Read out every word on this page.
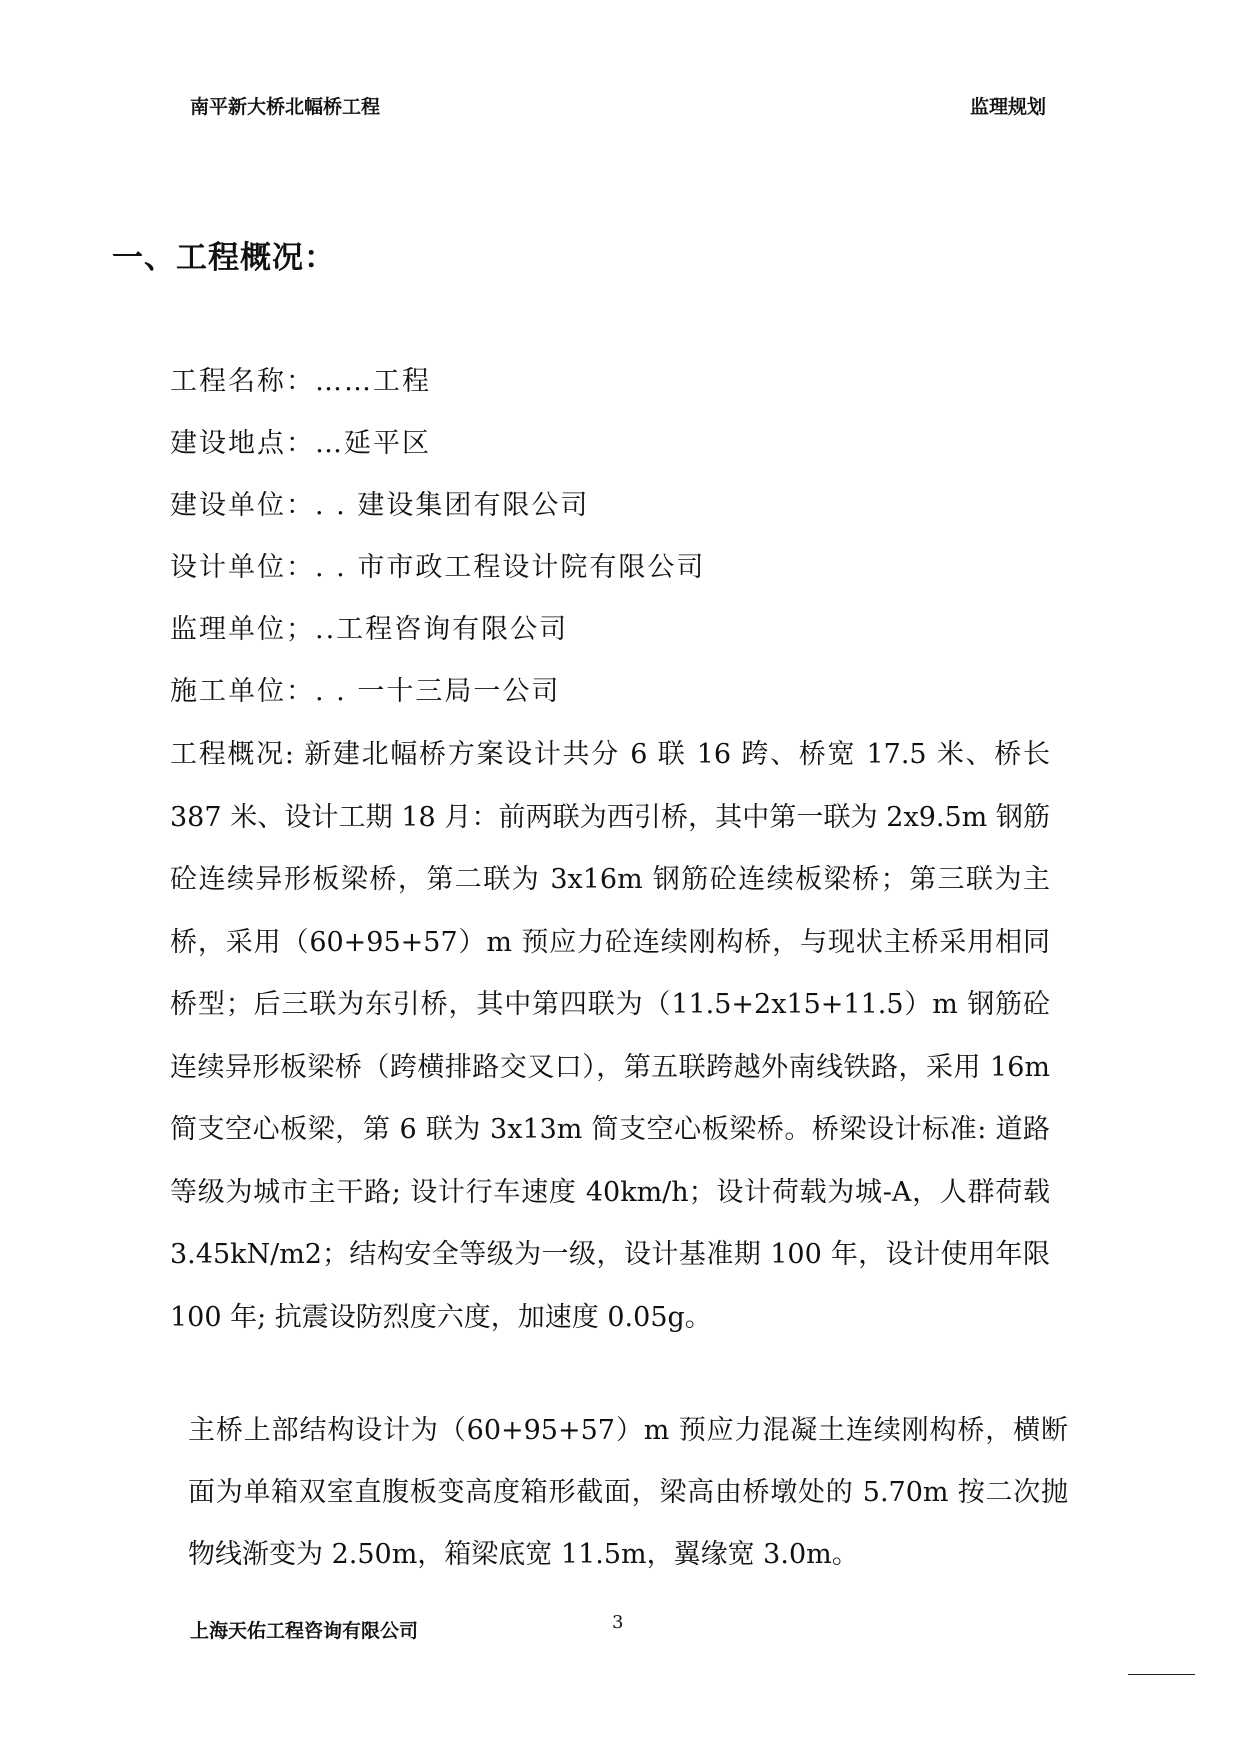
南平新大桥北幅桥工程	监理规划
一、工程概况：
工程名称：……工程
建设地点：…延平区
建设单位：. . 建设集团有限公司
设计单位：. . 市市政工程设计院有限公司
监理单位；..工程咨询有限公司
施工单位：. . 一十三局一公司
工程概况: 新建北幅桥方案设计共分 6 联 16 跨、桥宽 17.5 米、桥长 387 米、设计工期 18 月：前两联为西引桥，其中第一联为 2x9.5m 钢筋砼连续异形板梁桥，第二联为 3x16m 钢筋砼连续板梁桥；第三联为主桥，采用（60+95+57）m 预应力砼连续刚构桥，与现状主桥采用相同桥型；后三联为东引桥，其中第四联为（11.5+2x15+11.5）m 钢筋砼连续异形板梁桥（跨横排路交叉口），第五联跨越外南线铁路，采用 16m 简支空心板梁，第 6 联为 3x13m 简支空心板梁桥。桥梁设计标准: 道路等级为城市主干路; 设计行车速度 40km/h；设计荷载为城-A，人群荷载 3.45kN/m2；结构安全等级为一级，设计基准期 100 年，设计使用年限 100 年; 抗震设防烈度六度，加速度 0.05g。
主桥上部结构设计为（60+95+57）m 预应力混凝土连续刚构桥，横断面为单箱双室直腹板变高度箱形截面，梁高由桥墩处的 5.70m 按二次抛物线渐变为 2.50m，箱梁底宽 11.5m，翼缘宽 3.0m。
上海天佑工程咨询有限公司	3
